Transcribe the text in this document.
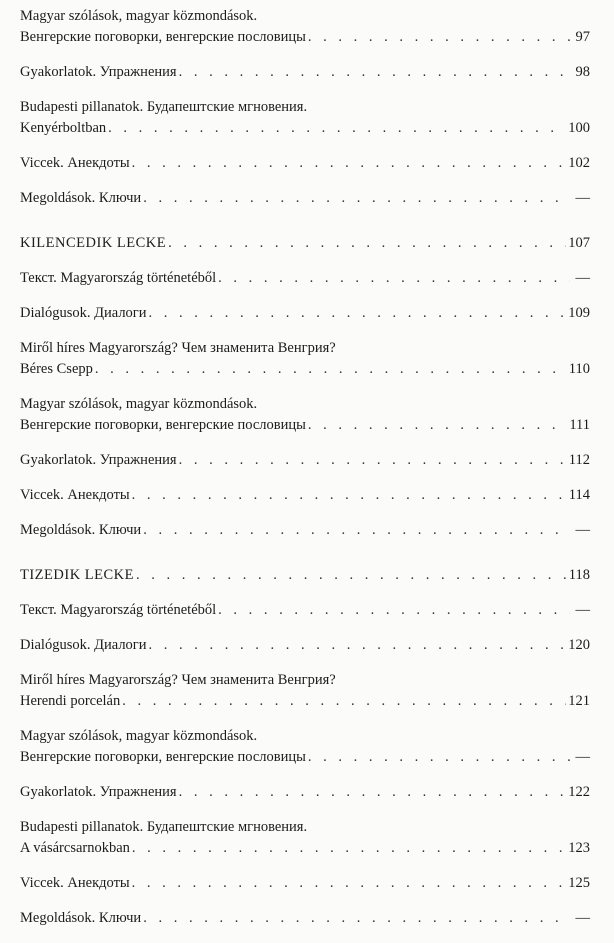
Magyar szólások, magyar közmondások.
Венгерские поговорки, венгерские пословицы . . .	97
Gyakorlatok. Упражнения . . .	98
Budapesti pillanatok. Будапештские мгновения.
Kenyérboltban . . .	100
Viccek. Анекдоты . . .	102
Megoldások. Ключи . . .	—
KILENCEDIK LECKE . . .	107
Текст. Magyarország történetéből . . .	—
Dialógusok. Диалоги . . .	109
Miről híres Magyarország? Чем знаменита Венгрия?
Béres Csepp . . .	110
Magyar szólások, magyar közmondások.
Венгерские поговорки, венгерские пословицы . . .	111
Gyakorlatok. Упражнения . . .	112
Viccek. Анекдоты . . .	114
Megoldások. Ключи . . .	—
TIZEDIK LECKE . . .	118
Текст. Magyarország történetéből . . .	—
Dialógusok. Диалоги . . .	120
Miről híres Magyarország? Чем знаменита Венгрия?
Herendi porcelán . . .	121
Magyar szólások, magyar közmondások.
Венгерские поговорки, венгерские пословицы . . .	—
Gyakorlatok. Упражнения . . .	122
Budapesti pillanatok. Будапештские мгновения.
A vásárcsarnokban . . .	123
Viccek. Анекдоты . . .	125
Megoldások. Ключи . . .	—
